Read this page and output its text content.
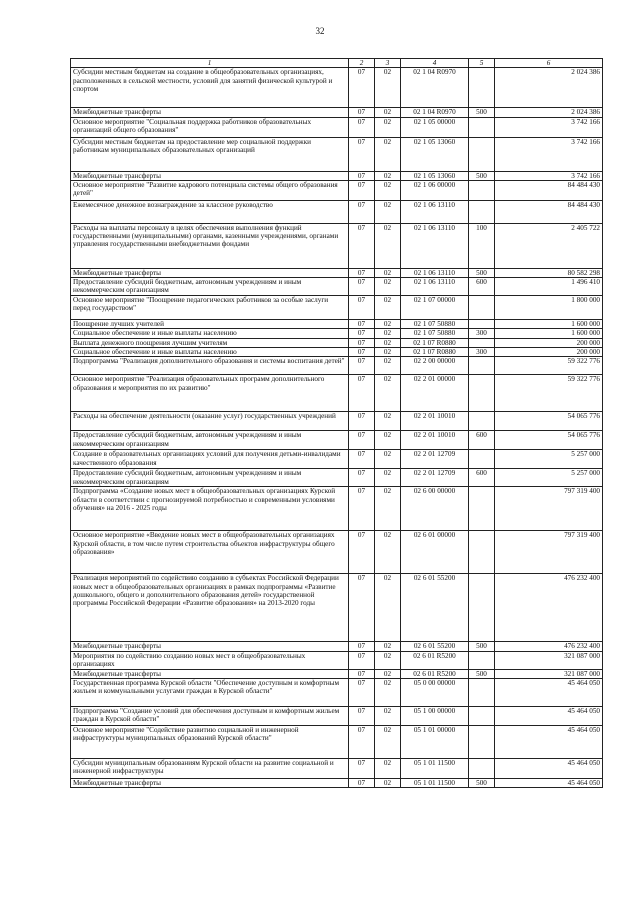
32
1	2	3	4	5	6
Субсидии местным бюджетам на создание в общеобразовательных организациях, расположенных в сельской местности, условий для занятий физической культурой и спортом	07	02	02 1 04 R0970		2 024 386
Межбюджетные трансферты	07	02	02 1 04 R0970	500	2 024 386
Основное мероприятие "Социальная поддержка работников образовательных организаций общего образования"	07	02	02 1 05 00000		3 742 166
Субсидии местным бюджетам на предоставление мер социальной поддержки работникам муниципальных образовательных организаций	07	02	02 1 05 13060		3 742 166
Межбюджетные трансферты	07	02	02 1 05 13060	500	3 742 166
Основное мероприятие "Развитие кадрового потенциала системы общего образования детей"	07	02	02 1 06 00000		84 484 430
Ежемесячное денежное вознаграждение за классное руководство	07	02	02 1 06 13110		84 484 430
Расходы на выплаты персоналу в целях обеспечения выполнения функций государственными (муниципальными) органами, казенными учреждениями, органами управления государственными внебюджетными фондами	07	02	02 1 06 13110	100	2 405 722
Межбюджетные трансферты	07	02	02 1 06 13110	500	80 582 298
Предоставление субсидий бюджетным, автономным учреждениям и иным некоммерческим организациям	07	02	02 1 06 13110	600	1 496 410
Основное мероприятие "Поощрение педагогических работников за особые заслуги перед государством"	07	02	02 1 07 00000		1 800 000
Поощрение лучших учителей	07	02	02 1 07 50880		1 600 000
Социальное обеспечение и иные выплаты населению	07	02	02 1 07 50880	300	1 600 000
Выплата денежного поощрения лучшим учителям	07	02	02 1 07 R0880		200 000
Социальное обеспечение и иные выплаты населению	07	02	02 1 07 R0880	300	200 000
Подпрограмма "Реализация дополнительного образования и системы воспитания детей"	07	02	02 2 00 00000		59 322 776
Основное мероприятие "Реализация образовательных программ дополнительного образования и мероприятия по их развитию"	07	02	02 2 01 00000		59 322 776
Расходы на обеспечение деятельности (оказание услуг) государственных учреждений	07	02	02 2 01 10010		54 065 776
Предоставление субсидий бюджетным, автономным учреждениям и иным некоммерческим организациям	07	02	02 2 01 10010	600	54 065 776
Создание в образовательных организациях условий для получения детьми-инвалидами качественного образования	07	02	02 2 01 12709		5 257 000
Предоставление субсидий бюджетным, автономным учреждениям и иным некоммерческим организациям	07	02	02 2 01 12709	600	5 257 000
Подпрограмма «Создание новых мест в общеобразовательных организациях Курской области в соответствии с прогнозируемой потребностью и современными условиями обучения» на 2016 - 2025 годы	07	02	02 6 00 00000		797 319 400
Основное мероприятие «Введение новых мест в общеобразовательных организациях Курской области, в том числе путем строительства объектов инфраструктуры общего образования»	07	02	02 6 01 00000		797 319 400
Реализация мероприятий по содействию созданию в субъектах Российской Федерации новых мест в общеобразовательных организациях в рамках подпрограммы «Развитие дошкольного, общего и дополнительного образования детей» государственной программы Российской Федерации «Развитие образования» на 2013-2020 годы	07	02	02 6 01 55200		476 232 400
Межбюджетные трансферты	07	02	02 6 01 55200	500	476 232 400
Мероприятия по содействию созданию новых мест в общеобразовательных организациях	07	02	02 6 01 R5200		321 087 000
Межбюджетные трансферты	07	02	02 6 01 R5200	500	321 087 000
Государственная программа Курской области "Обеспечение доступным и комфортным жильем и коммунальными услугами граждан в Курской области"	07	02	05 0 00 00000		45 464 050
Подпрограмма "Создание условий для обеспечения доступным и комфортным жильем граждан в Курской области"	07	02	05 1 00 00000		45 464 050
Основное мероприятие "Содействие развитию социальной и инженерной инфраструктуры муниципальных образований Курской области"	07	02	05 1 01 00000		45 464 050
Субсидии муниципальным образованиям Курской области на развитие социальной и инженерной инфраструктуры	07	02	05 1 01 11500		45 464 050
Межбюджетные трансферты	07	02	05 1 01 11500	500	45 464 050
